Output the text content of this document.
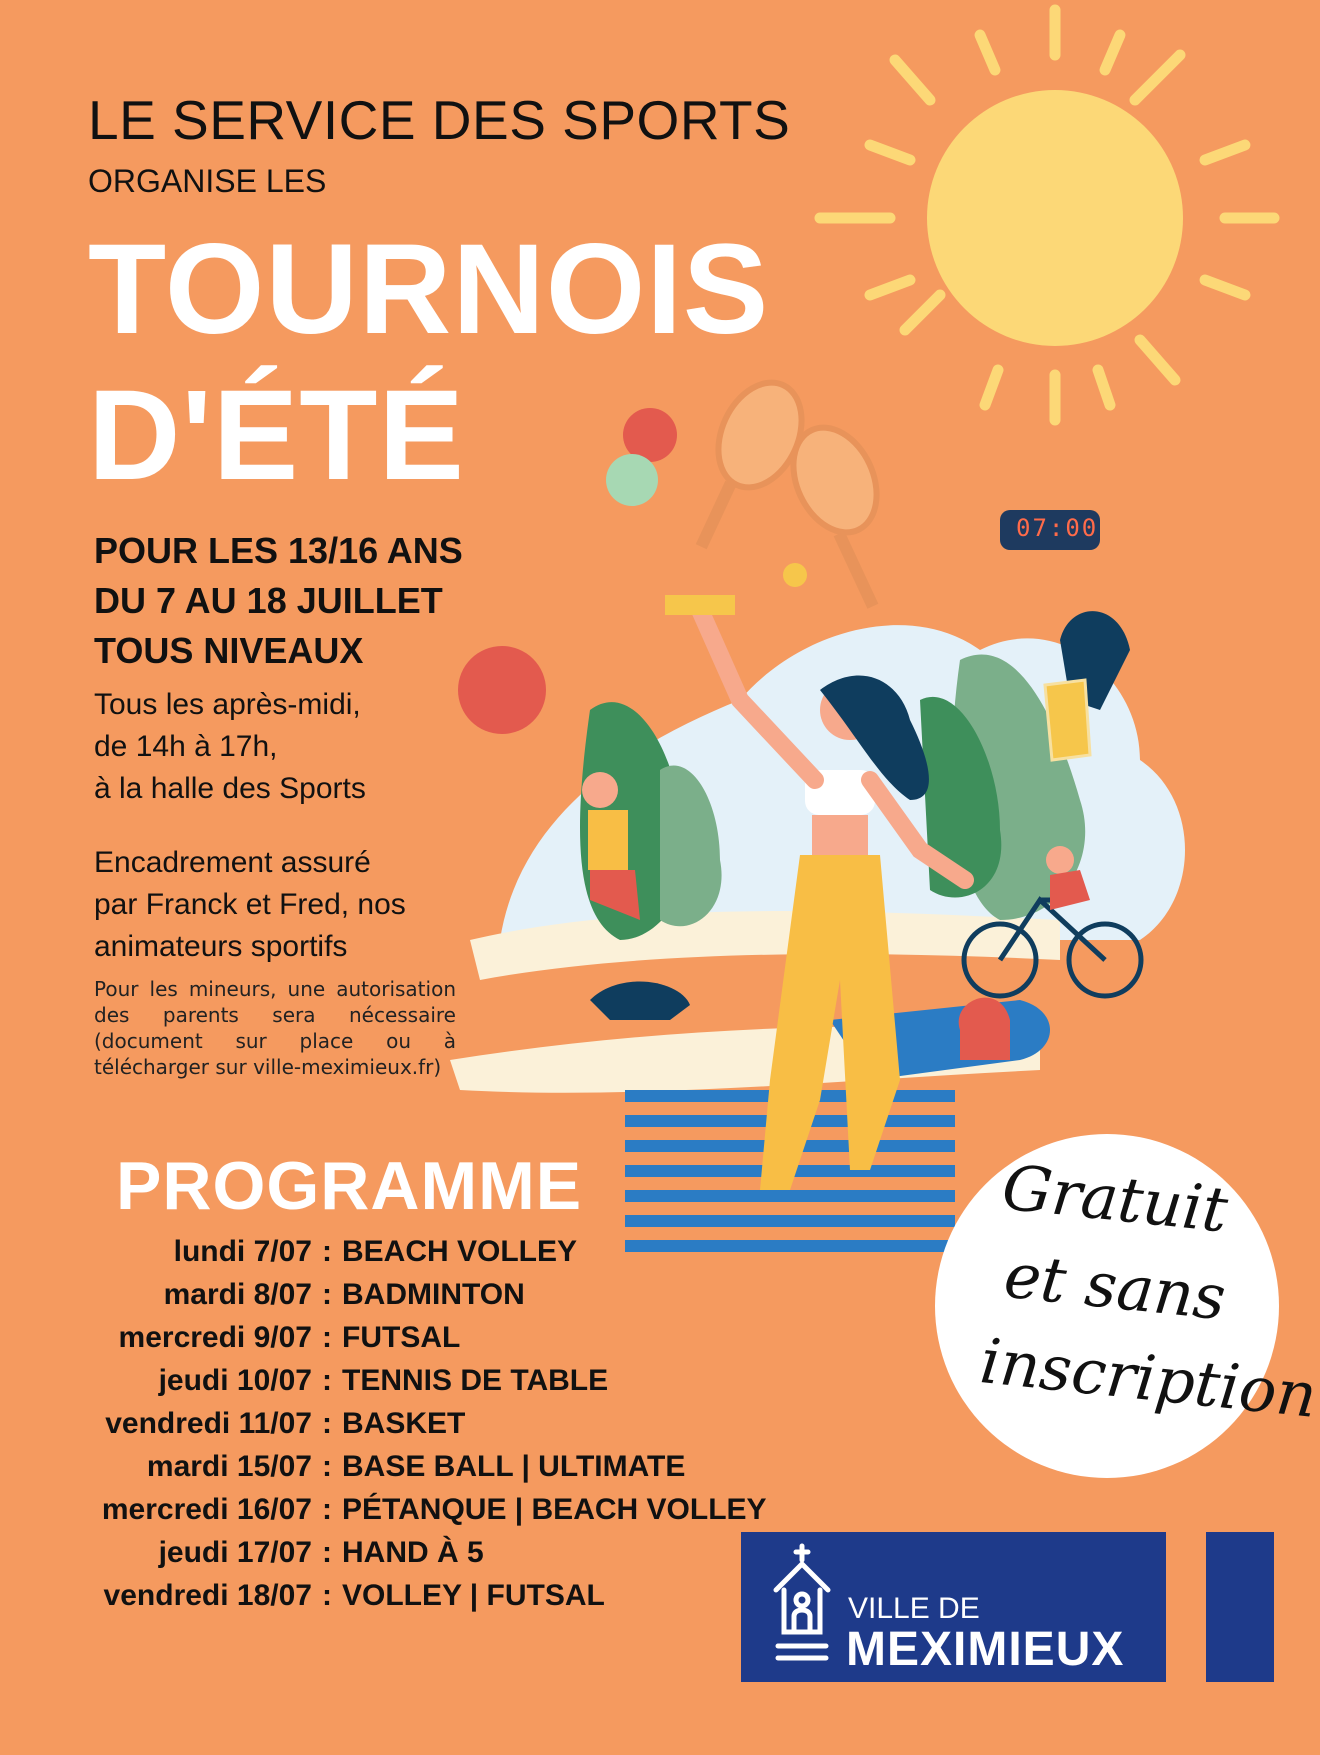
LE SERVICE DES SPORTS
ORGANISE LES
TOURNOIS
D'ÉTÉ
07:00
POUR LES 13/16 ANS
DU 7 AU 18 JUILLET
TOUS NIVEAUX
Tous les après-midi,
de 14h à 17h,
à la halle des Sports
Encadrement assuré
par Franck et Fred, nos
animateurs sportifs
Pour les mineurs, une autorisation des parents sera nécessaire (document sur place ou à télécharger sur ville-meximieux.fr)
PROGRAMME
lundi 7/07 : BEACH VOLLEY
mardi 8/07 : BADMINTON
mercredi 9/07 : FUTSAL
jeudi 10/07 : TENNIS DE TABLE
vendredi 11/07 : BASKET
mardi 15/07 : BASE BALL | ULTIMATE
mercredi 16/07 : PÉTANQUE | BEACH VOLLEY
jeudi 17/07 : HAND À 5
vendredi 18/07 : VOLLEY | FUTSAL
Gratuit
et sans
inscription
VILLE DE
MEXIMIEUX
